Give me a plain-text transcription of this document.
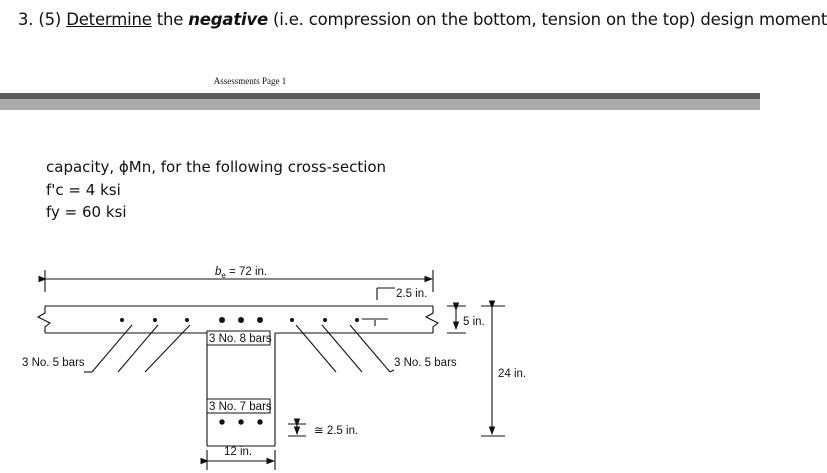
3. (5) Determine the negative (i.e. compression on the bottom, tension on the top) design moment
Assessments Page 1
capacity, ϕMn, for the following cross-section
f'c = 4 ksi
fy = 60 ksi
$b_e = 72$ in.
2.5 in.
5 in.
24 in.
3 No. 5 bars	3 No. 5 bars
3 No. 8 bars
3 No. 7 bars
≅ 2.5 in.
12 in.
